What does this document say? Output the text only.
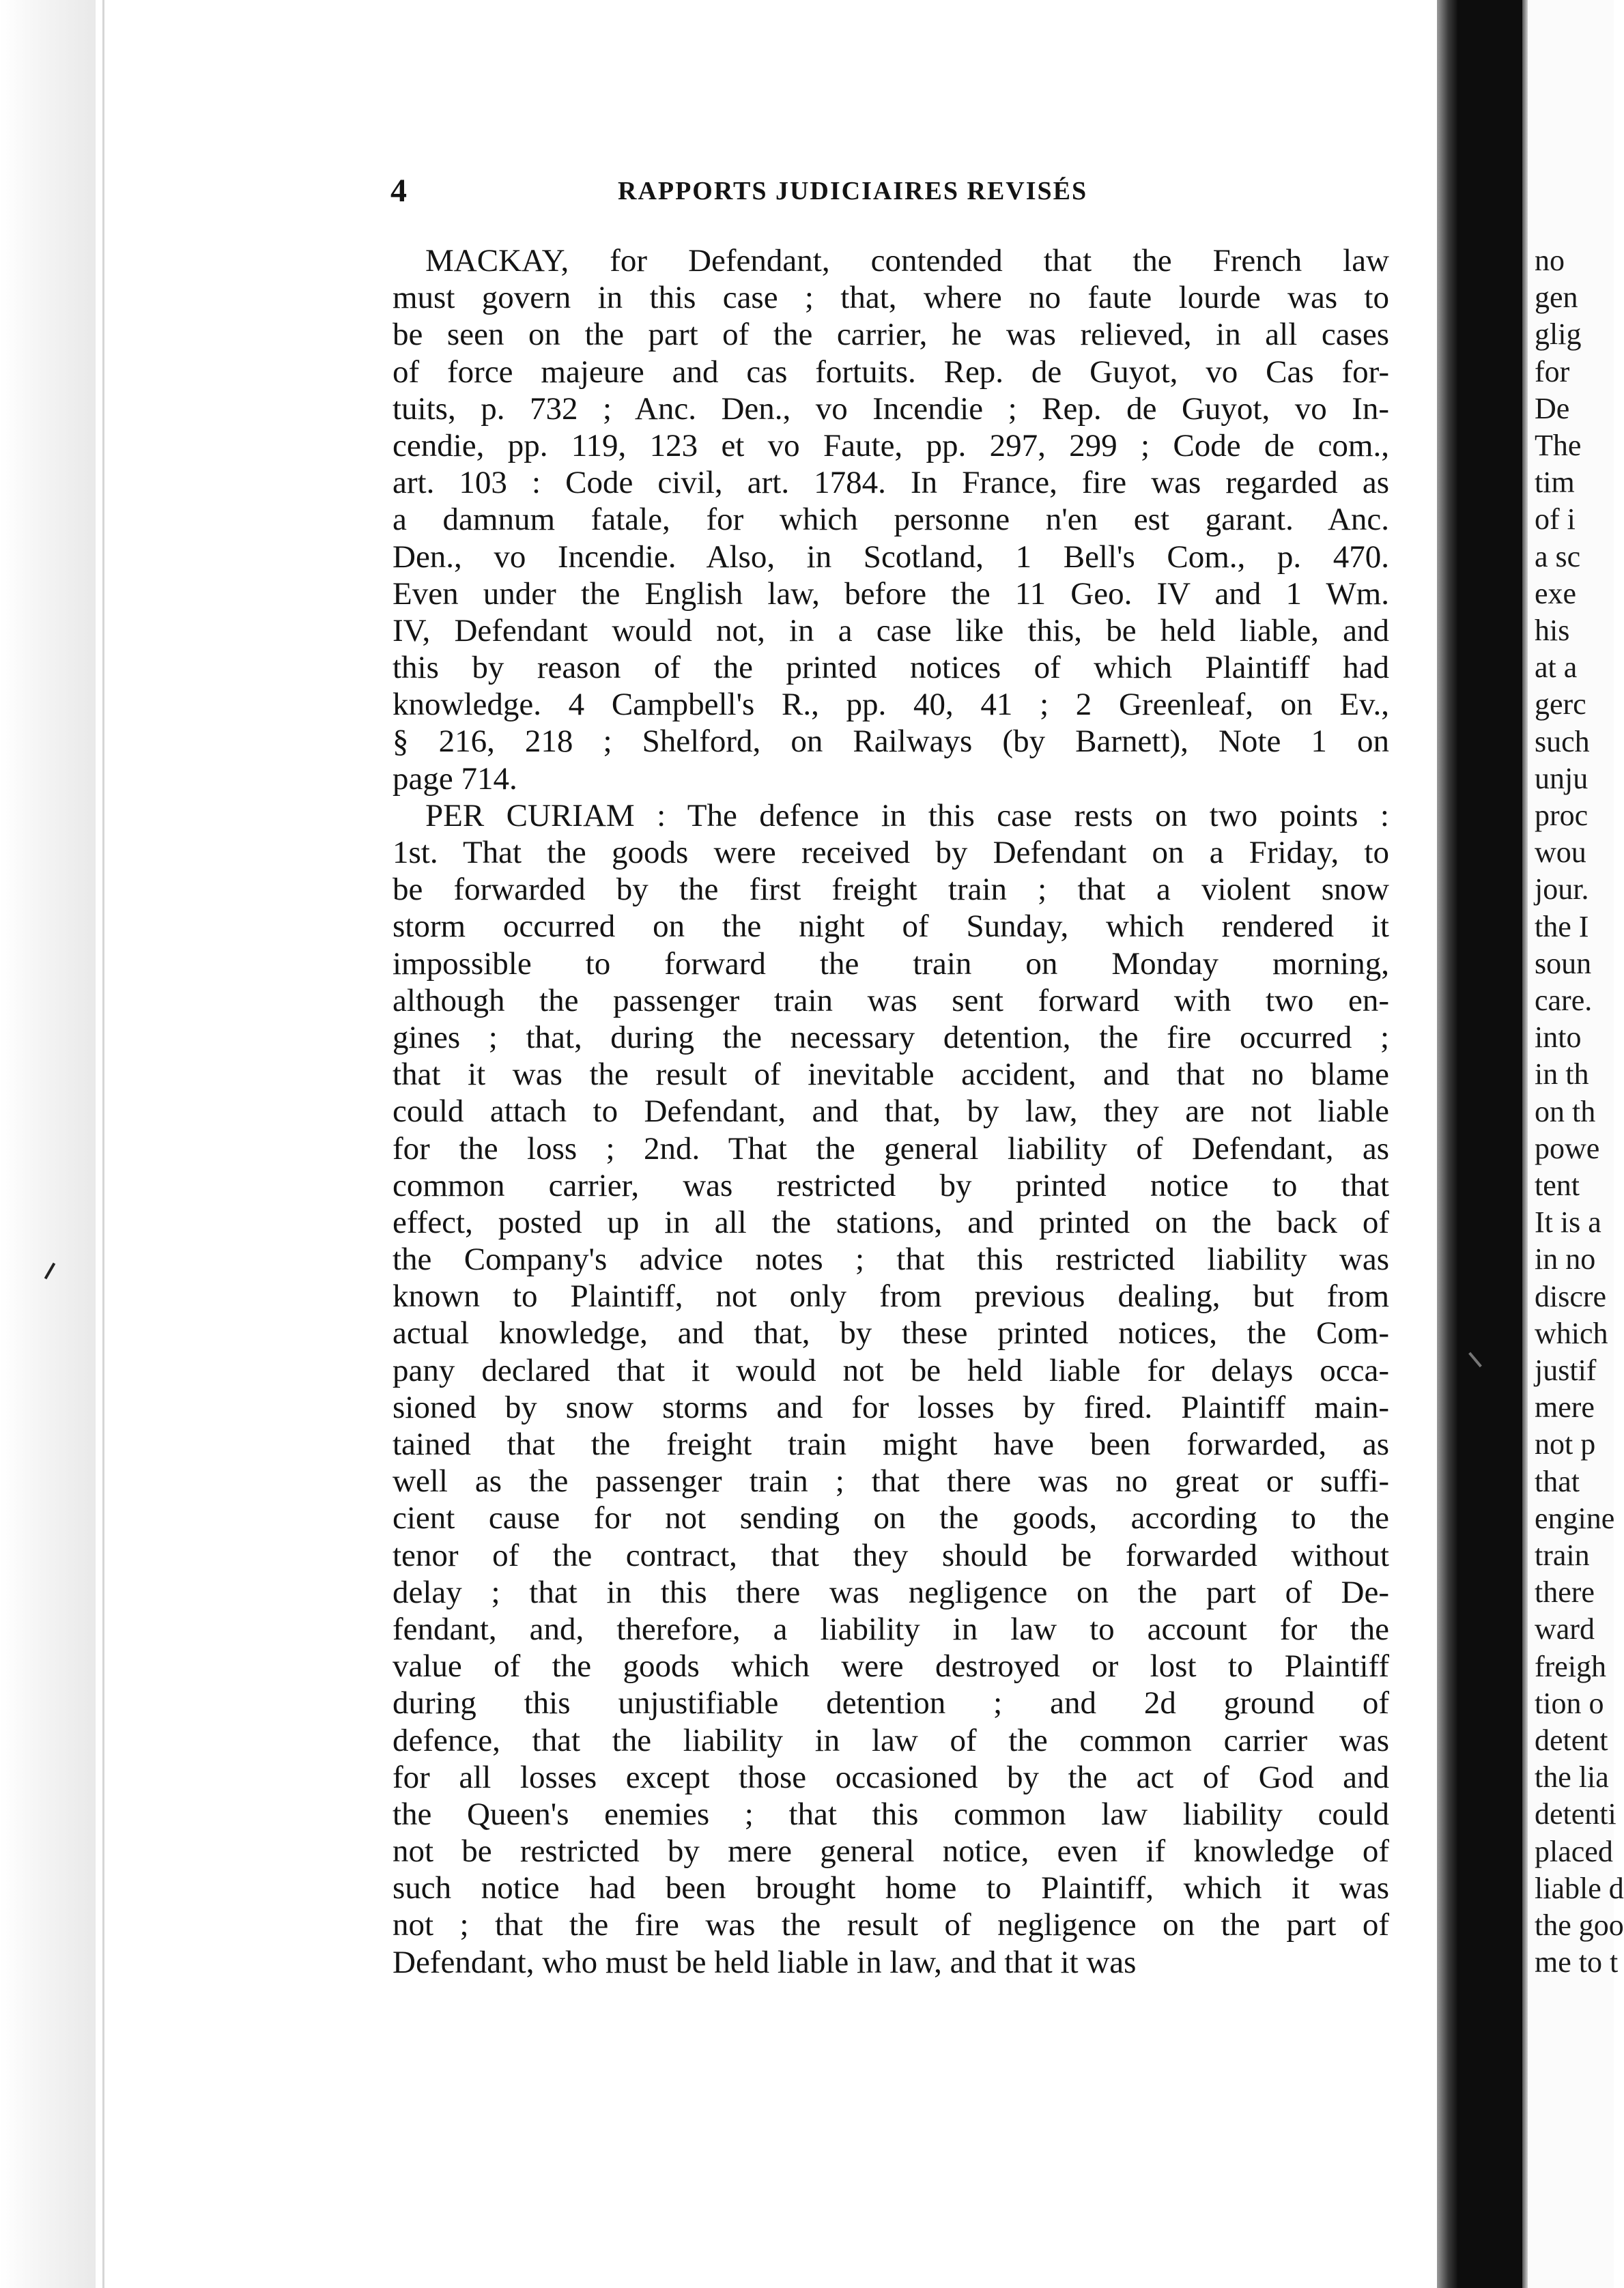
4	RAPPORTS JUDICIAIRES REVISÉS
MACKAY, for Defendant, contended that the French law
must govern in this case ; that, where no faute lourde was to
be seen on the part of the carrier, he was relieved, in all cases
of force majeure and cas fortuits. Rep. de Guyot, vo Cas for-
tuits, p. 732 ; Anc. Den., vo Incendie ; Rep. de Guyot, vo In-
cendie, pp. 119, 123 et vo Faute, pp. 297, 299 ; Code de com.,
art. 103 : Code civil, art. 1784. In France, fire was regarded as
a damnum fatale, for which personne n'en est garant. Anc.
Den., vo Incendie. Also, in Scotland, 1 Bell's Com., p. 470.
Even under the English law, before the 11 Geo. IV and 1 Wm.
IV, Defendant would not, in a case like this, be held liable, and
this by reason of the printed notices of which Plaintiff had
knowledge. 4 Campbell's R., pp. 40, 41 ; 2 Greenleaf, on Ev.,
§ 216, 218 ; Shelford, on Railways (by Barnett), Note 1 on
page 714.
PER CURIAM : The defence in this case rests on two points :
1st. That the goods were received by Defendant on a Friday, to
be forwarded by the first freight train ; that a violent snow
storm occurred on the night of Sunday, which rendered it
impossible to forward the train on Monday morning,
although the passenger train was sent forward with two en-
gines ; that, during the necessary detention, the fire occurred ;
that it was the result of inevitable accident, and that no blame
could attach to Defendant, and that, by law, they are not liable
for the loss ; 2nd. That the general liability of Defendant, as
common carrier, was restricted by printed notice to that
effect, posted up in all the stations, and printed on the back of
the Company's advice notes ; that this restricted liability was
known to Plaintiff, not only from previous dealing, but from
actual knowledge, and that, by these printed notices, the Com-
pany declared that it would not be held liable for delays occa-
sioned by snow storms and for losses by fired. Plaintiff main-
tained that the freight train might have been forwarded, as
well as the passenger train ; that there was no great or suffi-
cient cause for not sending on the goods, according to the
tenor of the contract, that they should be forwarded without
delay ; that in this there was negligence on the part of De-
fendant, and, therefore, a liability in law to account for the
value of the goods which were destroyed or lost to Plaintiff
during this unjustifiable detention ; and 2d ground of
defence, that the liability in law of the common carrier was
for all losses except those occasioned by the act of God and
the Queen's enemies ; that this common law liability could
not be restricted by mere general notice, even if knowledge of
such notice had been brought home to Plaintiff, which it was
not ; that the fire was the result of negligence on the part of
Defendant, who must be held liable in law, and that it was
no
gen
glig
for
De
The
tim
of i
a sc
exe
his
at a
gerc
such
unju
proc
wou
jour.
the I
soun
care.
into
in th
on th
powe
tent
It is a
in no
discre
which
justif
mere
not p
that
engine
train
there
ward
freigh
tion o
detent
the lia
detenti
placed
liable d
the goo
me to t
